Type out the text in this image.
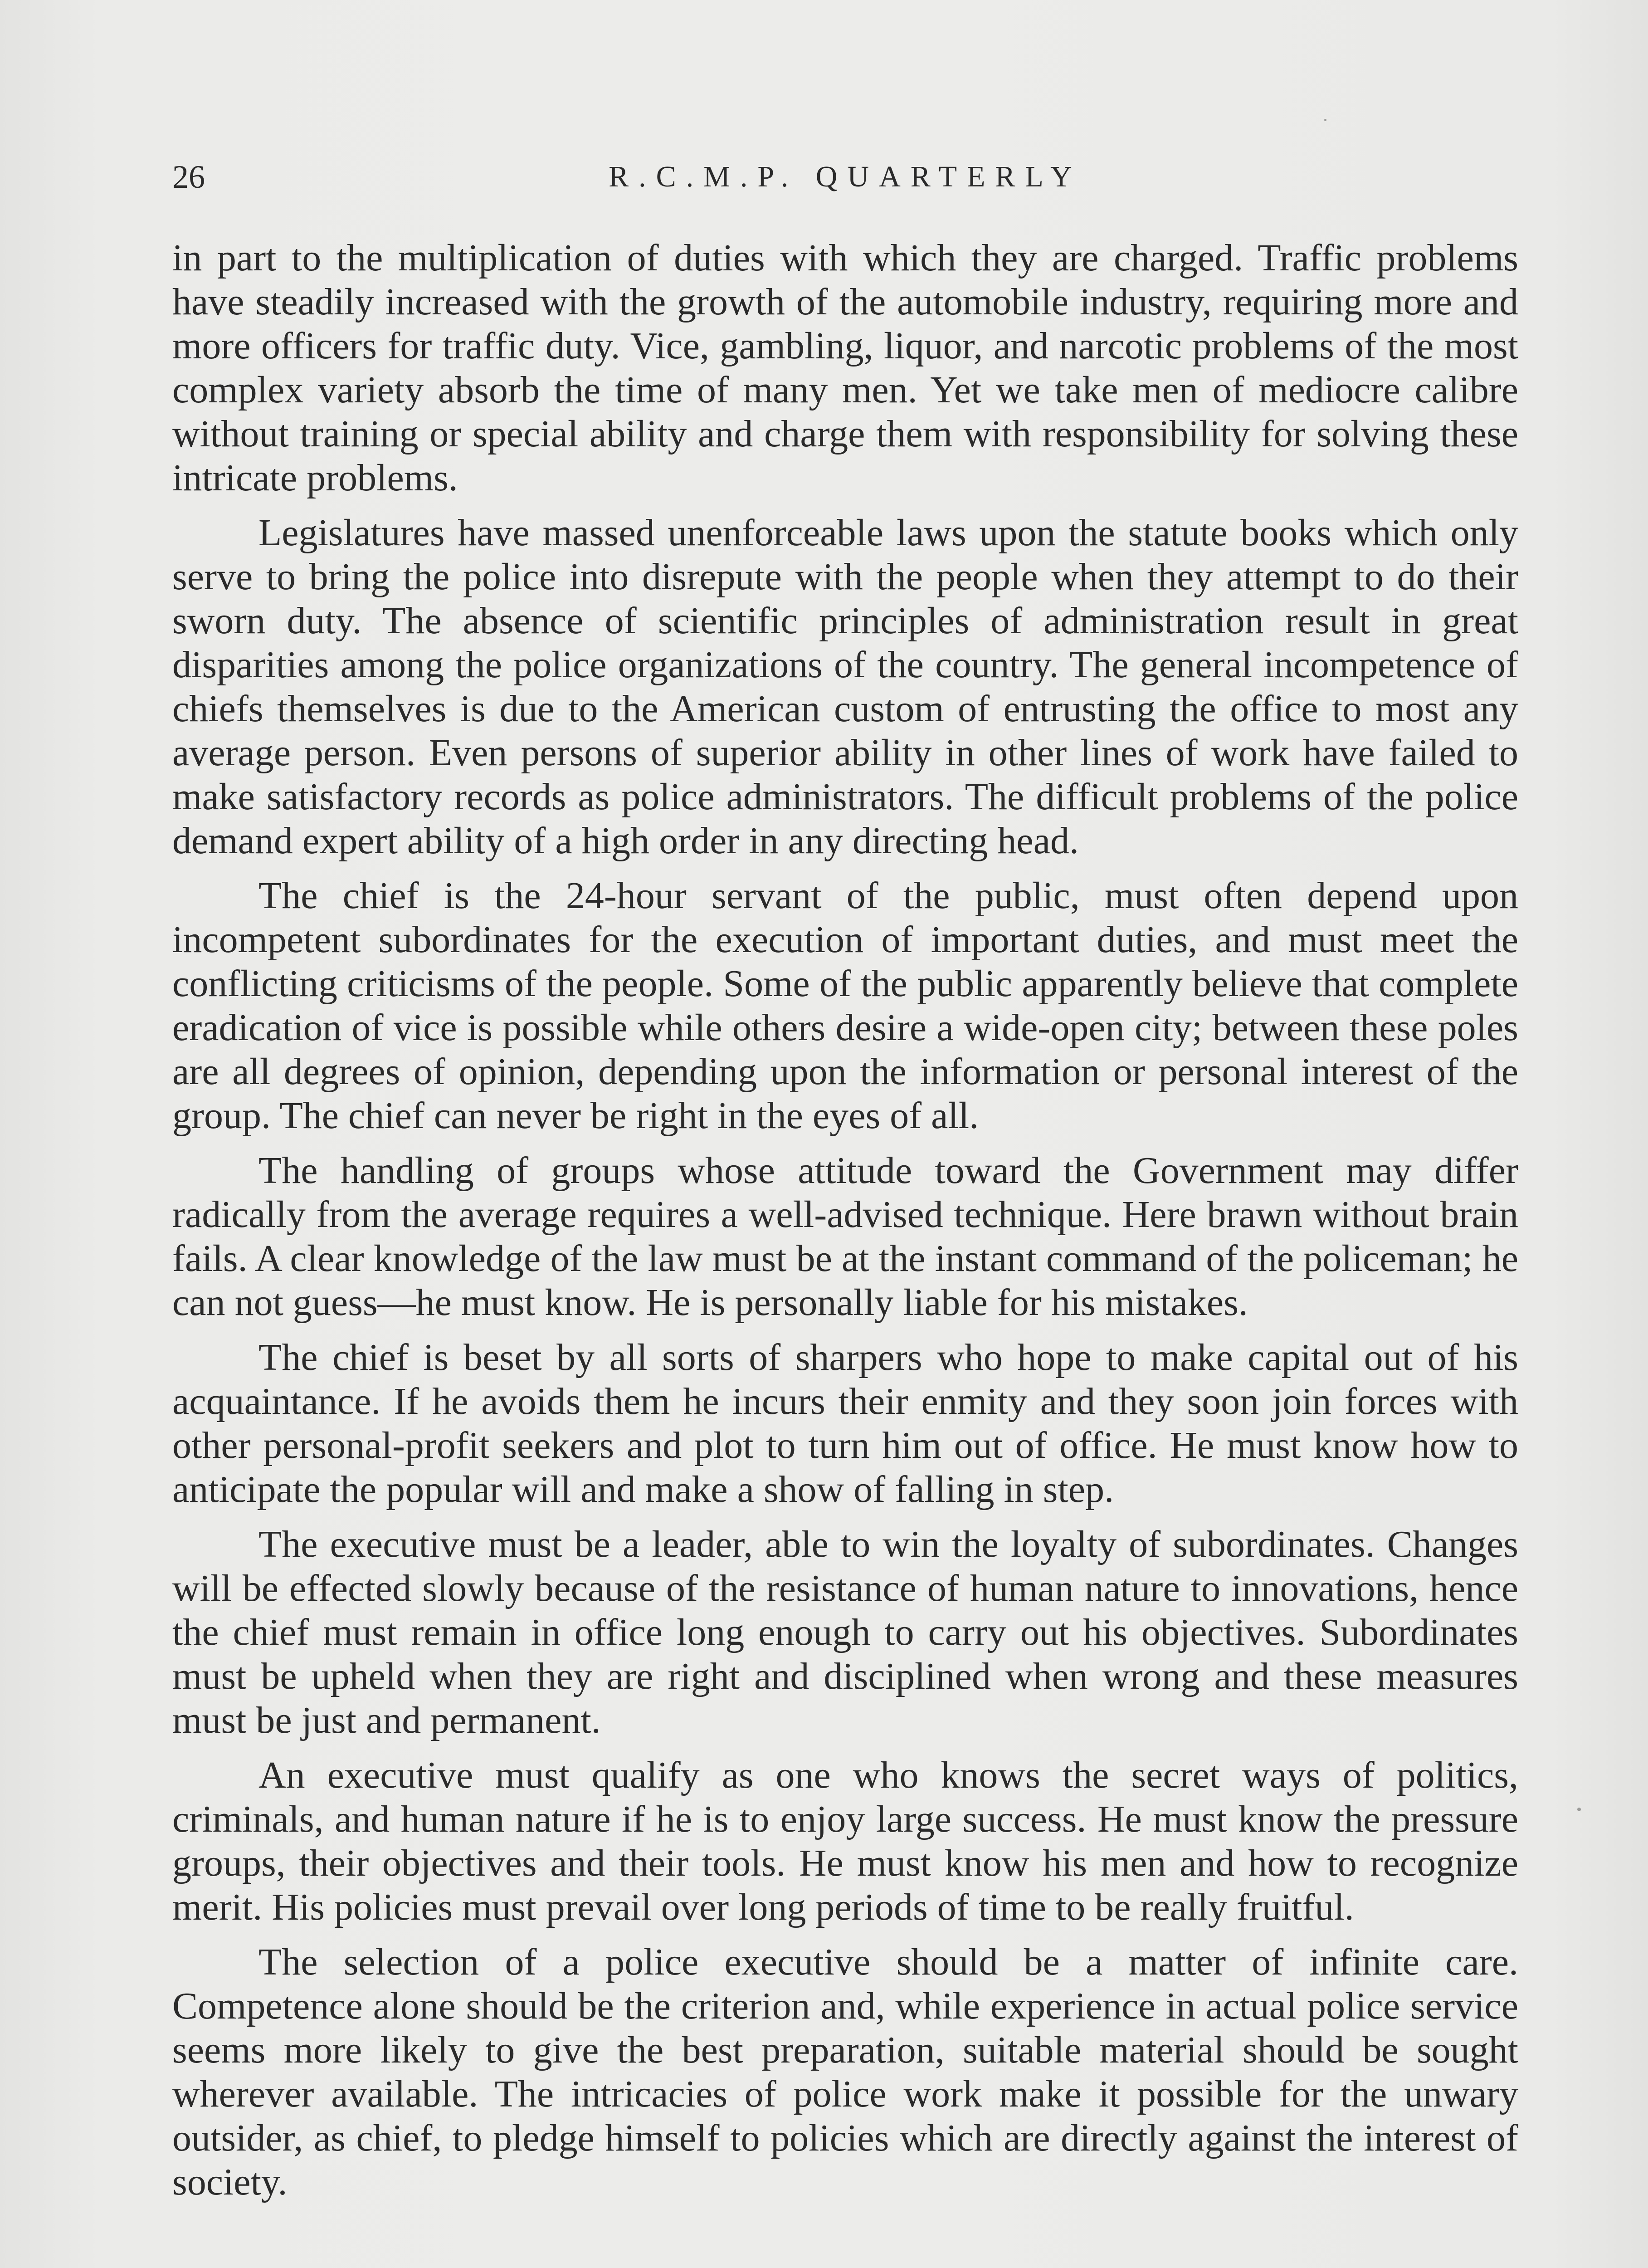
26	R.C.M.P. QUARTERLY

in part to the multiplication of duties with which they are charged. Traffic problems have steadily increased with the growth of the automobile industry, requiring more and more officers for traffic duty. Vice, gambling, liquor, and narcotic problems of the most complex variety absorb the time of many men. Yet we take men of mediocre calibre without training or special ability and charge them with responsibility for solving these intricate problems.

Legislatures have massed unenforceable laws upon the statute books which only serve to bring the police into disrepute with the people when they attempt to do their sworn duty. The absence of scientific principles of administration result in great disparities among the police organizations of the country. The general incompetence of chiefs themselves is due to the American custom of entrusting the office to most any average person. Even persons of superior ability in other lines of work have failed to make satisfactory records as police administrators. The difficult problems of the police demand expert ability of a high order in any directing head.

The chief is the 24-hour servant of the public, must often depend upon incompetent subordinates for the execution of important duties, and must meet the conflicting criticisms of the people. Some of the public apparently believe that complete eradication of vice is possible while others desire a wide-open city; between these poles are all degrees of opinion, depending upon the information or personal interest of the group. The chief can never be right in the eyes of all.

The handling of groups whose attitude toward the Government may differ radically from the average requires a well-advised technique. Here brawn without brain fails. A clear knowledge of the law must be at the instant command of the policeman; he can not guess—he must know. He is personally liable for his mistakes.

The chief is beset by all sorts of sharpers who hope to make capital out of his acquaintance. If he avoids them he incurs their enmity and they soon join forces with other personal-profit seekers and plot to turn him out of office. He must know how to anticipate the popular will and make a show of falling in step.

The executive must be a leader, able to win the loyalty of subordinates. Changes will be effected slowly because of the resistance of human nature to innovations, hence the chief must remain in office long enough to carry out his objectives. Subordinates must be upheld when they are right and disciplined when wrong and these measures must be just and permanent.

An executive must qualify as one who knows the secret ways of politics, criminals, and human nature if he is to enjoy large success. He must know the pressure groups, their objectives and their tools. He must know his men and how to recognize merit. His policies must prevail over long periods of time to be really fruitful.

The selection of a police executive should be a matter of infinite care. Competence alone should be the criterion and, while experience in actual police service seems more likely to give the best preparation, suitable material should be sought wherever available. The intricacies of police work make it possible for the unwary outsider, as chief, to pledge himself to policies which are directly against the interest of society.
